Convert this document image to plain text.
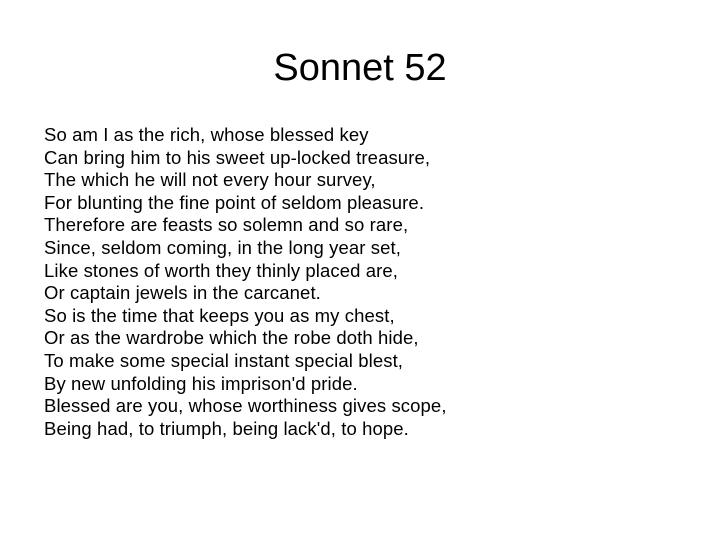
Sonnet 52
So am I as the rich, whose blessed key
Can bring him to his sweet up-locked treasure,
The which he will not every hour survey,
For blunting the fine point of seldom pleasure.
Therefore are feasts so solemn and so rare,
Since, seldom coming, in the long year set,
Like stones of worth they thinly placed are,
Or captain jewels in the carcanet.
So is the time that keeps you as my chest,
Or as the wardrobe which the robe doth hide,
To make some special instant special blest,
By new unfolding his imprison'd pride.
Blessed are you, whose worthiness gives scope,
Being had, to triumph, being lack'd, to hope.
